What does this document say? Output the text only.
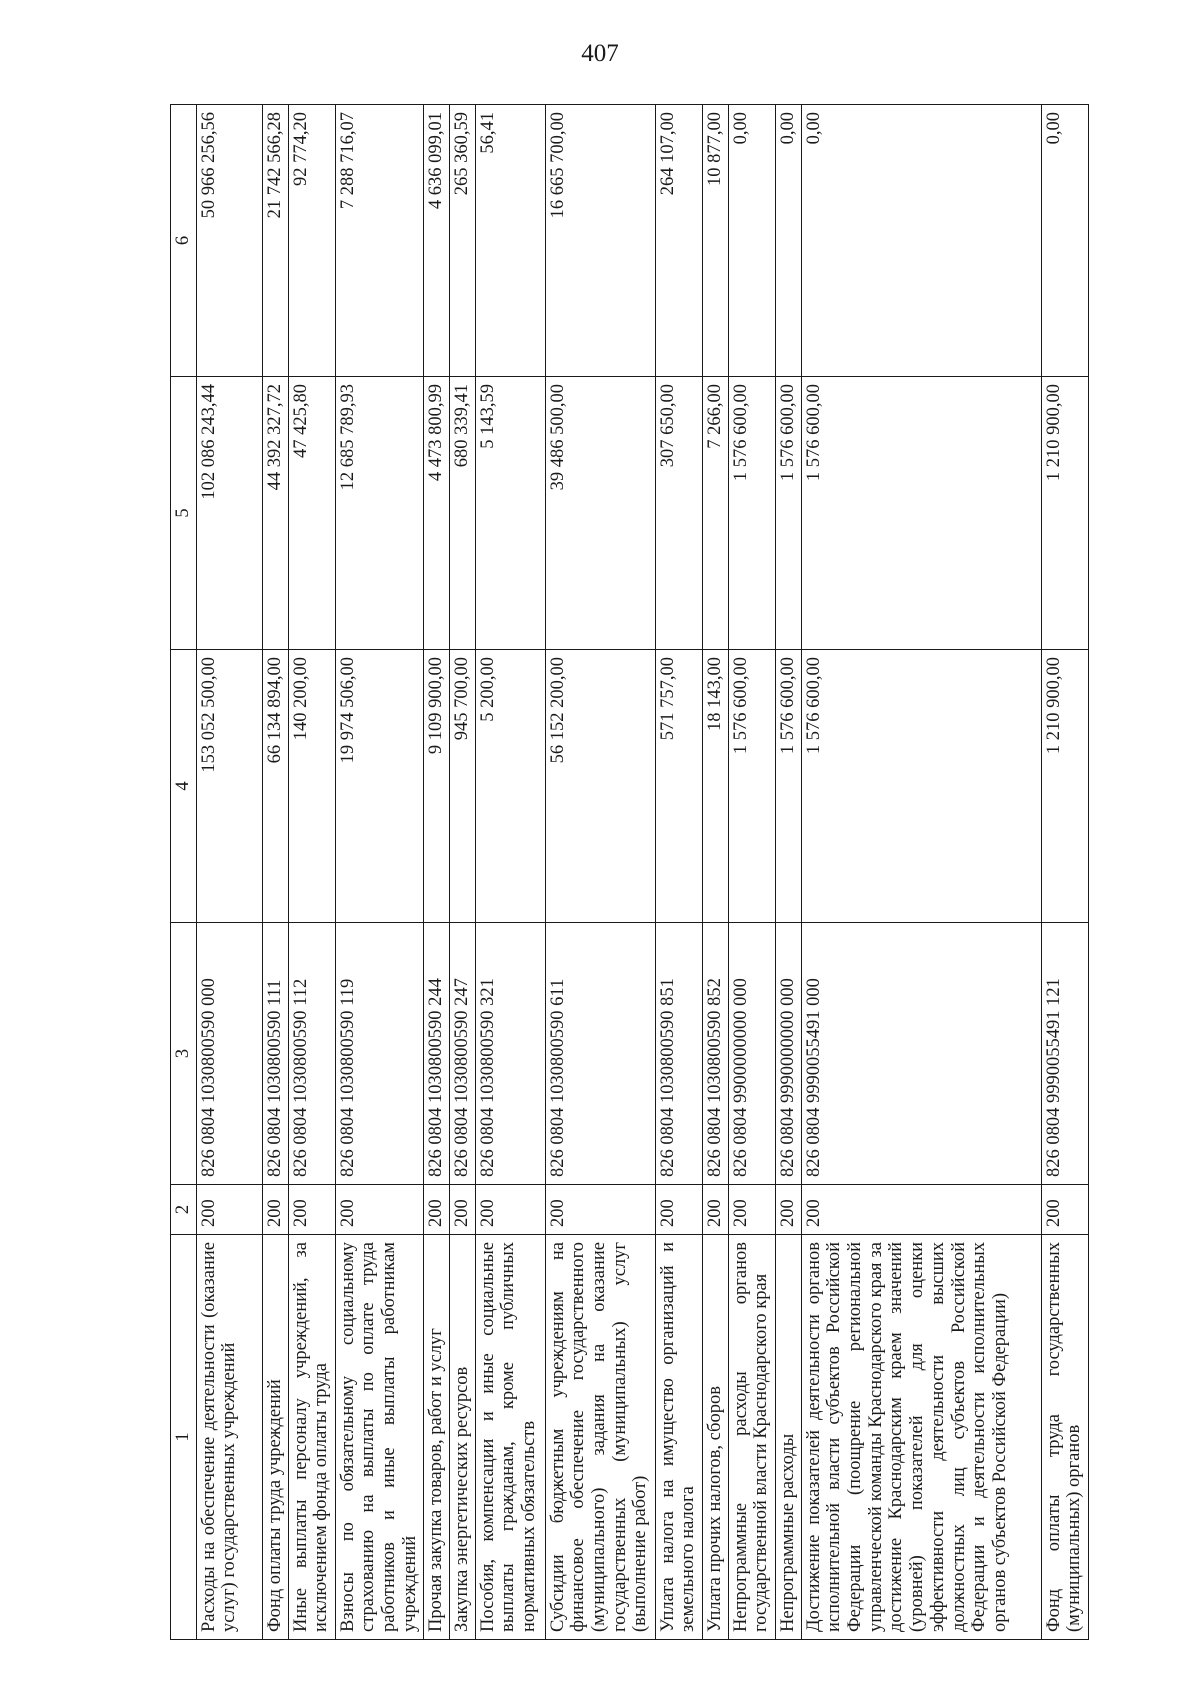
407
1	2	3	4	5	6
Расходы на обеспечение деятельности (оказание услуг) государственных учреждений	200	826 0804 1030800590 000	153 052 500,00	102 086 243,44	50 966 256,56
Фонд оплаты труда учреждений	200	826 0804 1030800590 111	66 134 894,00	44 392 327,72	21 742 566,28
Иные выплаты персоналу учреждений, за исключением фонда оплаты труда	200	826 0804 1030800590 112	140 200,00	47 425,80	92 774,20
Взносы по обязательному социальному страхованию на выплаты по оплате труда работников и иные выплаты работникам учреждений	200	826 0804 1030800590 119	19 974 506,00	12 685 789,93	7 288 716,07
Прочая закупка товаров, работ и услуг	200	826 0804 1030800590 244	9 109 900,00	4 473 800,99	4 636 099,01
Закупка энергетических ресурсов	200	826 0804 1030800590 247	945 700,00	680 339,41	265 360,59
Пособия, компенсации и иные социальные выплаты гражданам, кроме публичных нормативных обязательств	200	826 0804 1030800590 321	5 200,00	5 143,59	56,41
Субсидии бюджетным учреждениям на финансовое обеспечение государственного (муниципального) задания на оказание государственных (муниципальных) услуг (выполнение работ)	200	826 0804 1030800590 611	56 152 200,00	39 486 500,00	16 665 700,00
Уплата налога на имущество организаций и земельного налога	200	826 0804 1030800590 851	571 757,00	307 650,00	264 107,00
Уплата прочих налогов, сборов	200	826 0804 1030800590 852	18 143,00	7 266,00	10 877,00
Непрограммные расходы органов государственной власти Краснодарского края	200	826 0804 9900000000 000	1 576 600,00	1 576 600,00	0,00
Непрограммные расходы	200	826 0804 9990000000 000	1 576 600,00	1 576 600,00	0,00
Достижение показателей деятельности органов исполнительной власти субъектов Российской Федерации (поощрение региональной управленческой команды Краснодарского края за достижение Краснодарским краем значений (уровней) показателей для оценки эффективности деятельности высших должностных лиц субъектов Российской Федерации и деятельности исполнительных органов субъектов Российской Федерации)	200	826 0804 9990055491 000	1 576 600,00	1 576 600,00	0,00
Фонд оплаты труда государственных (муниципальных) органов	200	826 0804 9990055491 121	1 210 900,00	1 210 900,00	0,00
